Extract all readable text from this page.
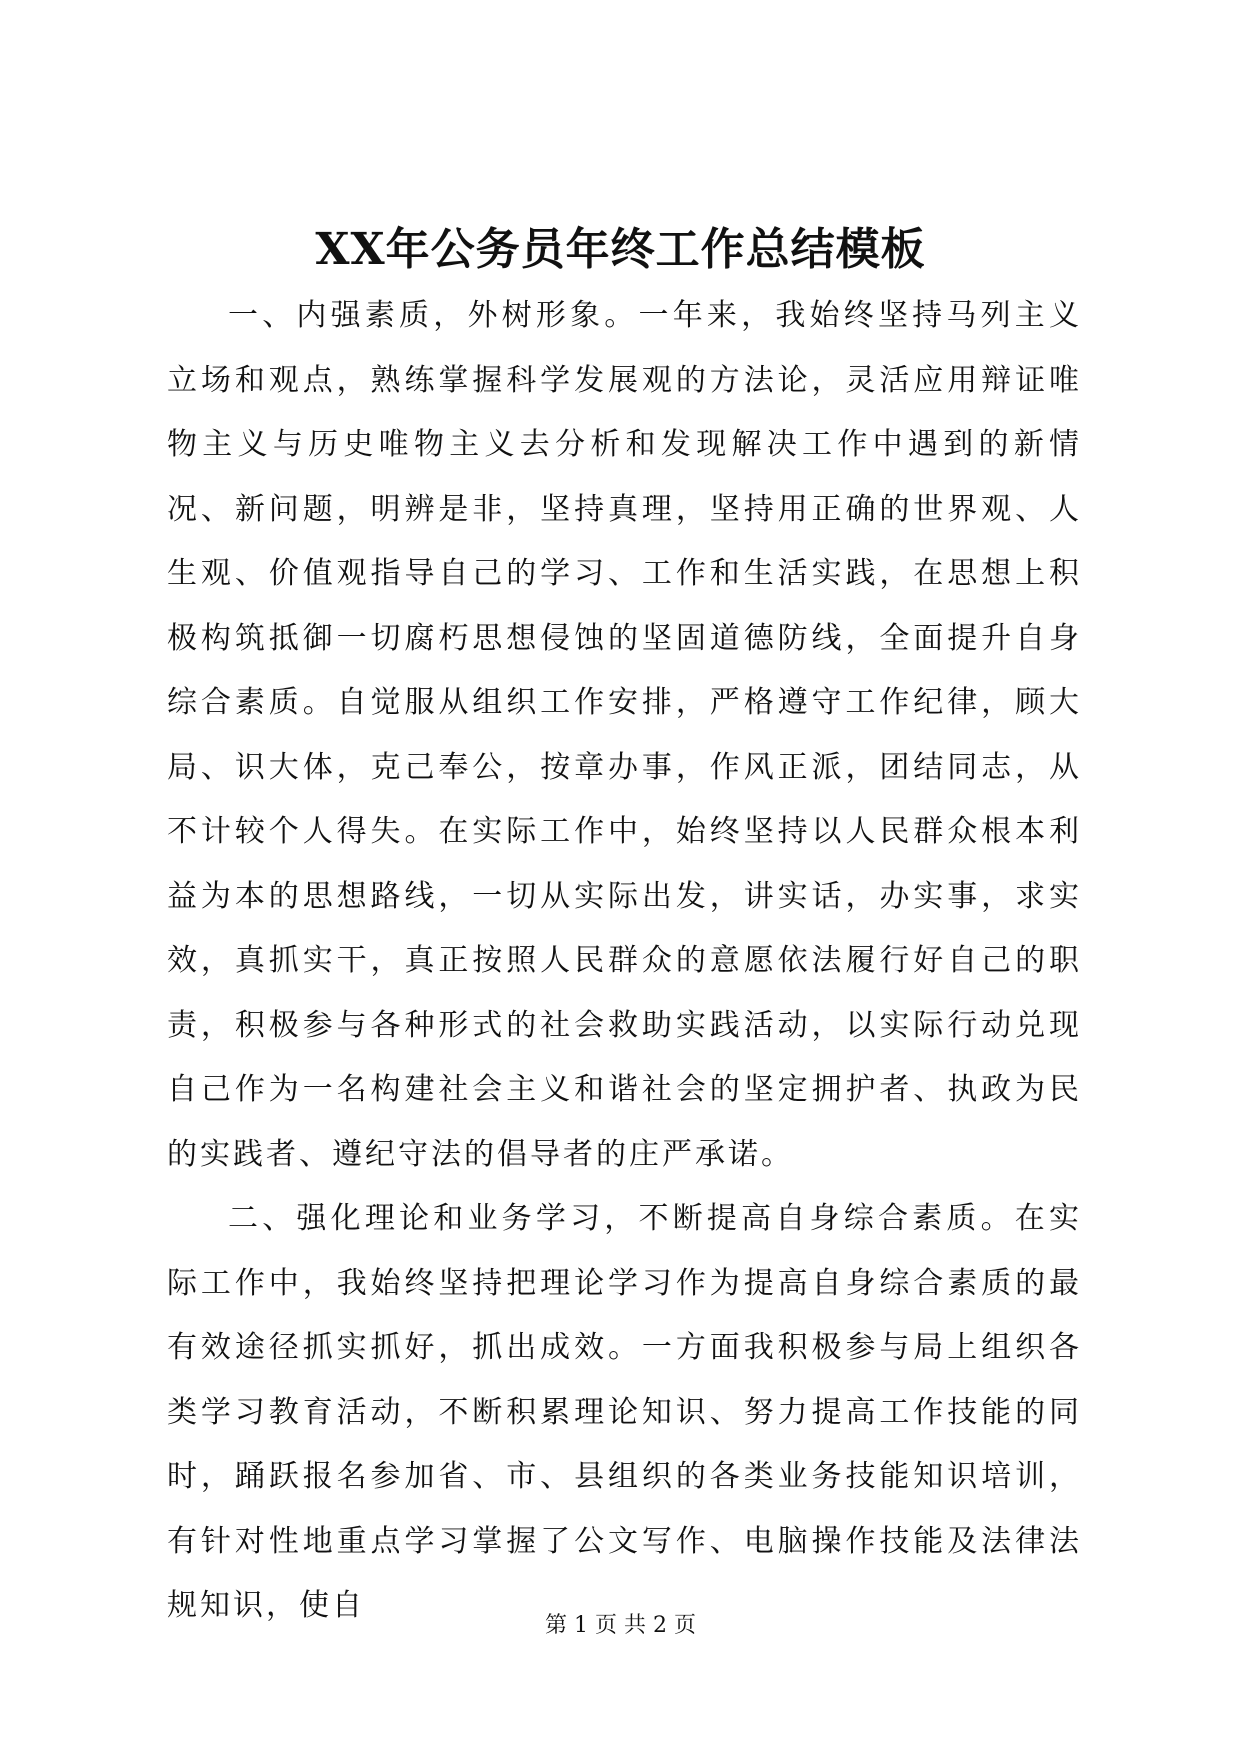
XX年公务员年终工作总结模板

一、内强素质，外树形象。一年来，我始终坚持马列主义立场和观点，熟练掌握科学发展观的方法论，灵活应用辩证唯物主义与历史唯物主义去分析和发现解决工作中遇到的新情况、新问题，明辨是非，坚持真理，坚持用正确的世界观、人生观、价值观指导自己的学习、工作和生活实践，在思想上积极构筑抵御一切腐朽思想侵蚀的坚固道德防线，全面提升自身综合素质。自觉服从组织工作安排，严格遵守工作纪律，顾大局、识大体，克己奉公，按章办事，作风正派，团结同志，从不计较个人得失。在实际工作中，始终坚持以人民群众根本利益为本的思想路线，一切从实际出发，讲实话，办实事，求实效，真抓实干，真正按照人民群众的意愿依法履行好自己的职责，积极参与各种形式的社会救助实践活动，以实际行动兑现自己作为一名构建社会主义和谐社会的坚定拥护者、执政为民的实践者、遵纪守法的倡导者的庄严承诺。

二、强化理论和业务学习，不断提高自身综合素质。在实际工作中，我始终坚持把理论学习作为提高自身综合素质的最有效途径抓实抓好，抓出成效。一方面我积极参与局上组织各类学习教育活动，不断积累理论知识、努力提高工作技能的同时，踊跃报名参加省、市、县组织的各类业务技能知识培训，有针对性地重点学习掌握了公文写作、电脑操作技能及法律法规知识，使自

第 1 页 共 2 页
